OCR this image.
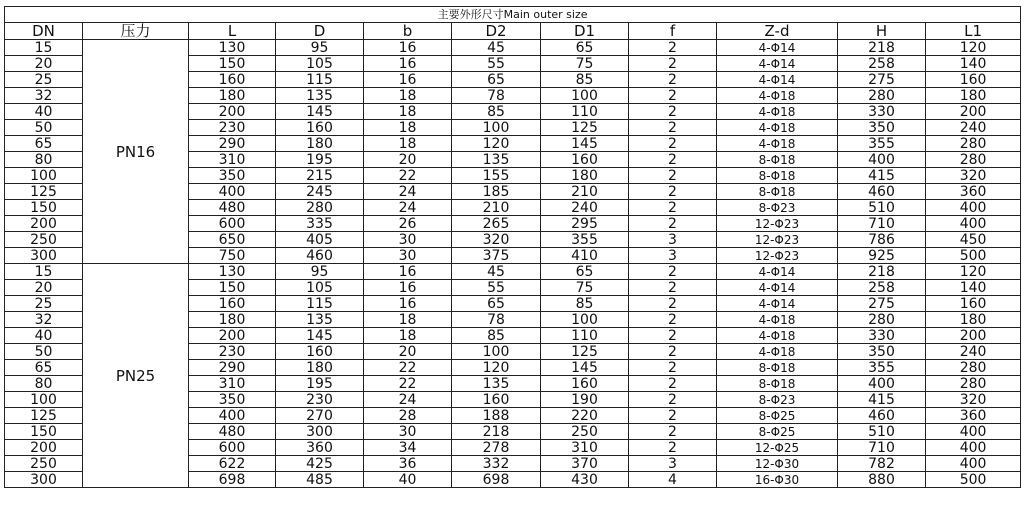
主要外形尺寸Main outer size										
DN	压力	L	D	b	D2	D1	f	Z-d	H	L1
15	PN16	130	95	16	45	65	2	4-Φ14	218	120
20		150	105	16	55	75	2	4-Φ14	258	140
25		160	115	16	65	85	2	4-Φ14	275	160
32		180	135	18	78	100	2	4-Φ18	280	180
40		200	145	18	85	110	2	4-Φ18	330	200
50		230	160	18	100	125	2	4-Φ18	350	240
65		290	180	18	120	145	2	4-Φ18	355	280
80		310	195	20	135	160	2	8-Φ18	400	280
100		350	215	22	155	180	2	8-Φ18	415	320
125		400	245	24	185	210	2	8-Φ18	460	360
150		480	280	24	210	240	2	8-Φ23	510	400
200		600	335	26	265	295	2	12-Φ23	710	400
250		650	405	30	320	355	3	12-Φ23	786	450
300		750	460	30	375	410	3	12-Φ23	925	500
15	PN25	130	95	16	45	65	2	4-Φ14	218	120
20		150	105	16	55	75	2	4-Φ14	258	140
25		160	115	16	65	85	2	4-Φ14	275	160
32		180	135	18	78	100	2	4-Φ18	280	180
40		200	145	18	85	110	2	4-Φ18	330	200
50		230	160	20	100	125	2	4-Φ18	350	240
65		290	180	22	120	145	2	8-Φ18	355	280
80		310	195	22	135	160	2	8-Φ18	400	280
100		350	230	24	160	190	2	8-Φ23	415	320
125		400	270	28	188	220	2	8-Φ25	460	360
150		480	300	30	218	250	2	8-Φ25	510	400
200		600	360	34	278	310	2	12-Φ25	710	400
250		622	425	36	332	370	3	12-Φ30	782	400
300		698	485	40	698	430	4	16-Φ30	880	500
